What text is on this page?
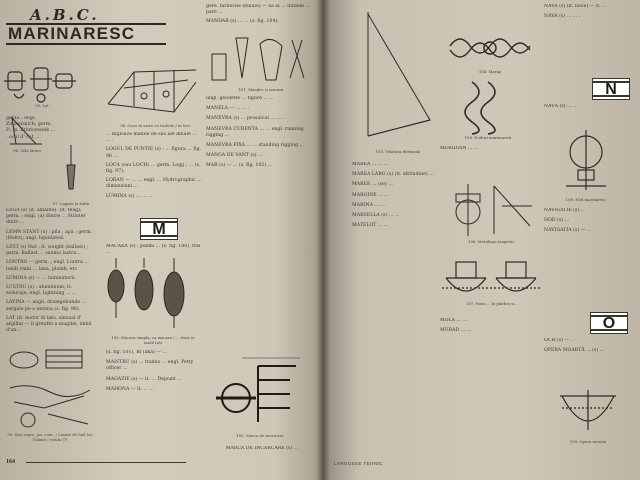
A.B.C.
MARINARESC
95. Lat
96. Vela latina
97. Lagare la lodin
genta : engl. Zimbermich; germ. P.; m. Zrintonwiek ... . ocul d' cot ...
LEGĂ (s) (it. amante). (it. teag); germ. ; engl. (a) dintre ... Stiinter dintr-...
LEMN STANT (s) : pila ; apa ; germ. (Holtz); angl. liquidated.
LEST (s) Nat : it. weight (ballast) ; germ. Ballast ... saumu lastra...
LONTRO — germ. ; engl. Lontra ... tendi vanii ... lana, plumb, etc.
LUMINA (s) — ... luminatorii.
LUSTRU (s) : aluminium; it. eclairaje; engl. lightning ... ...
LAYINA — angli. dramgebunde ... sergale pe o antena (s. fig. 96).
LAT (it. motor di lato, sinusal d' argilla) — il greutte a mugilei, imbii d'un...
99. Sua, mare, jos, conc. / Lasate de fuel (si) Tubate / rotula (?)
98. Cavo in sarte cu tachete / in trei
... mijloace manile de sus ale dinale ... ... .
LOGUL DE PUNTIE (s) : ... figura ... fig. 96 ...
LOCA (sau LOCH) ... germ. Logg ; ... (s. fig. 97).
LORAN — ... ... engl. ... Hydrographic ... dimensiuni ...
LUMINA (s) ... ... ...
M
MACARA (s) : pasmi ... (s. fig. 100). trei ...
100. Macara simpla; ca macara / ... doua in matil roti
(s. fig. 101). Bi (aka) — ...
MAISTRU (s) ... tradus ... engl. Petty officer ...
MAGAZIE (s) — it. ... Depozit ...
MAHONA — it. ... ...
gere. fariloche (bulaio) — ea la ... intinde ... pare ...
MANDAR (s) ... ... (s. fig. 104).
101. Mandru si macara
ungl. geodetie ... figure ... ...
MANELA — ... ... .
MANEVRA (s) ... prosaicul ... ... .
MANEVRA CURENTA ... ... engl. running rigging ...
MANEVRA FIXA ... ... standing rigging ...
MANGA DE VANT (s) ...
MAR (s) — ... (s. fig. 102) ...
102. Marca de incarcare
MARCA DE INCARCARE (s) ...
164
103. Velatura Bermuda
MAREA ... ... ...
MAREA LARG (s) (it. altitudine) ...
MAREE ... (se) ...
MARGINE ... ...
MARINA ... ...
MARSELLA (s) ... ...
MATELOT ... ...
104. Mariaj
105. Noduri marinaresti
MERIDIAN ... ...
106. Meridiani tangenti
107. Nava ... le platfon si...
MOLA ... ...
MURAD ... ...
NAVA (s) (it. nave) — it. ...
NAVA (s) ... ... .
N
NAVĂ (s) ... ...
108. Nod marinaresc
NAVIGATIE (s) ...
NOD (s) ...
NAVIGATIA (s) — ...
O
OCH (s) — ...
OPERA MOARTĂ ... (s) ...
109. Opera moarta
LAROUSSE TEHNIC
